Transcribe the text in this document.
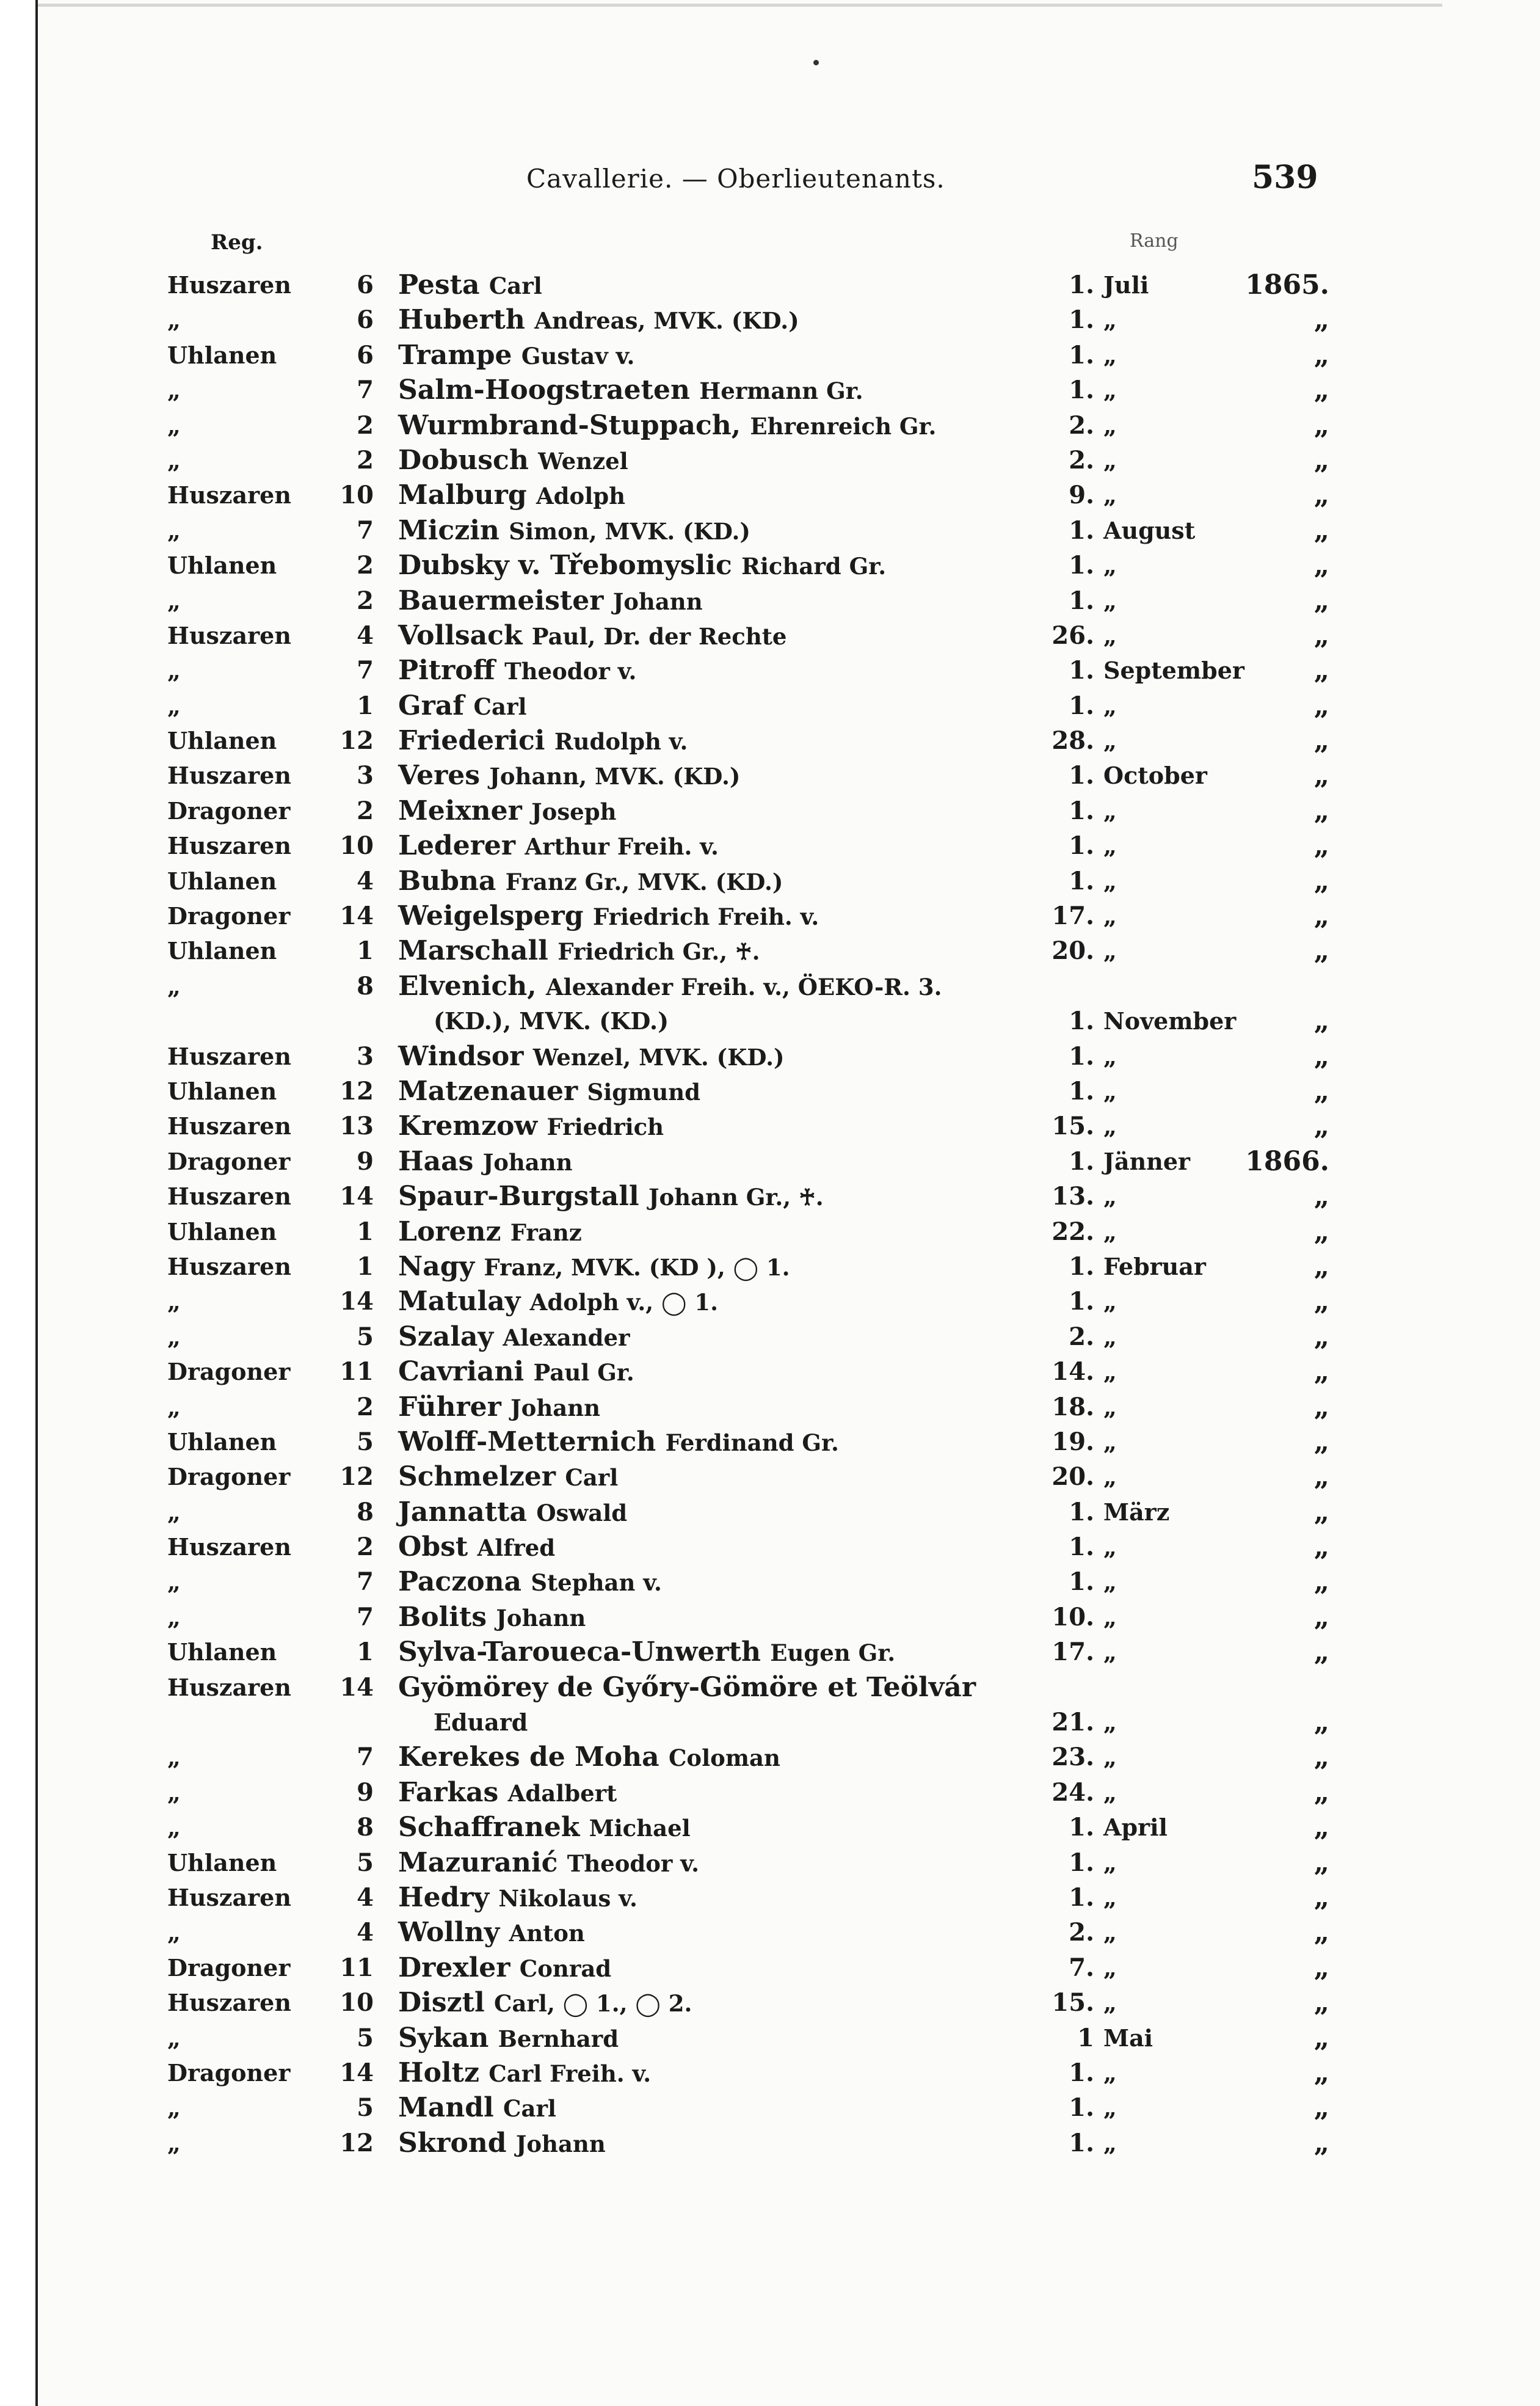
Cavallerie. — Oberlieutenants.	539
Reg.	Rang
Huszaren	6 Pesta Carl	1. Juli	1865.
„	6 Huberth Andreas, MVK. (KD.)	1. „	„
Uhlanen	6 Trampe Gustav v.	1. „	„
„	7 Salm-Hoogstraeten Hermann Gr.	1. „	„
„	2 Wurmbrand-Stuppach, Ehrenreich Gr.	2. „	„
„	2 Dobusch Wenzel	2. „	„
Huszaren	10 Malburg Adolph	9. „	„
„	7 Miczin Simon, MVK. (KD.)	1. August	„
Uhlanen	2 Dubsky v. Třebomyslic Richard Gr.	1. „	„
„	2 Bauermeister Johann	1. „	„
Huszaren	4 Vollsack Paul, Dr. der Rechte	26. „	„
„	7 Pitroff Theodor v.	1. September	„
„	1 Graf Carl	1. „	„
Uhlanen	12 Friederici Rudolph v.	28. „	„
Huszaren	3 Veres Johann, MVK. (KD.)	1. October	„
Dragoner	2 Meixner Joseph	1. „	„
Huszaren	10 Lederer Arthur Freih. v.	1. „	„
Uhlanen	4 Bubna Franz Gr., MVK. (KD.)	1. „	„
Dragoner	14 Weigelsperg Friedrich Freih. v.	17. „	„
Uhlanen	1 Marschall Friedrich Gr., ♰.	20. „	„
„	8 Elvenich, Alexander Freih. v., ÖEKO-R. 3.
(KD.), MVK. (KD.)	1. November	„
Huszaren	3 Windsor Wenzel, MVK. (KD.)	1. „	„
Uhlanen	12 Matzenauer Sigmund	1. „	„
Huszaren	13 Kremzow Friedrich	15. „	„
Dragoner	9 Haas Johann	1. Jänner 1866.
Huszaren	14 Spaur-Burgstall Johann Gr., ♰.	13. „	„
Uhlanen	1 Lorenz Franz	22. „	„
Huszaren	1 Nagy Franz, MVK. (KD ), ◯ 1.	1. Februar	„
„	14 Matulay Adolph v., ◯ 1.	1. „	„
„	5 Szalay Alexander	2. „	„
Dragoner	11 Cavriani Paul Gr.	14. „	„
„	2 Führer Johann	18. „	„
Uhlanen	5 Wolff-Metternich Ferdinand Gr.	19. „	„
Dragoner	12 Schmelzer Carl	20. „	„
„	8 Jannatta Oswald	1. März	„
Huszaren	2 Obst Alfred	1. „	„
„	7 Paczona Stephan v.	1. „	„
„	7 Bolits Johann	10. „	„
Uhlanen	1 Sylva-Taroueca-Unwerth Eugen Gr.	17. „	„
Huszaren	14 Gyömörey de Győry-Gömöre et Teölvár
Eduard	21. „	„
„	7 Kerekes de Moha Coloman	23. „	„
„	9 Farkas Adalbert	24. „	„
„	8 Schaffranek Michael	1. April	„
Uhlanen	5 Mazuranić Theodor v.	1. „	„
Huszaren	4 Hedry Nikolaus v.	1. „	„
„	4 Wollny Anton	2. „	„
Dragoner	11 Drexler Conrad	7. „	„
Huszaren	10 Disztl Carl, ◯ 1., ◯ 2.	15. „	„
„	5 Sykan Bernhard	1 Mai	„
Dragoner	14 Holtz Carl Freih. v.	1. „	„
„	5 Mandl Carl	1. „	„
„	12 Skrond Johann	1. „	„
